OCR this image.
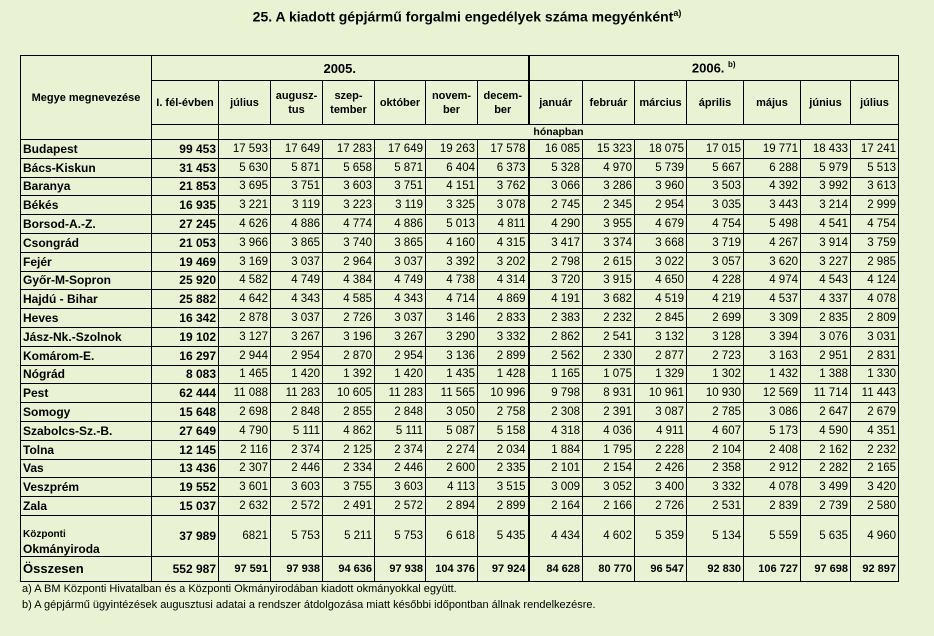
25. A kiadott gépjármű forgalmi engedélyek száma megyénként$^{a)}$
Megye megnevezése	2005.							2006. $^{b)}$
	I. fél-évben	július	augusz-tus	szep-tember	október	novem-ber	decem-ber	január	február	március	április	május	június	július
		hónapban												
Budapest	99 453	17 593	17 649	17 283	17 649	19 263	17 578	16 085	15 323	18 075	17 015	19 771	18 433	17 241
Bács-Kiskun	31 453	5 630	5 871	5 658	5 871	6 404	6 373	5 328	4 970	5 739	5 667	6 288	5 979	5 513
Baranya	21 853	3 695	3 751	3 603	3 751	4 151	3 762	3 066	3 286	3 960	3 503	4 392	3 992	3 613
Békés	16 935	3 221	3 119	3 223	3 119	3 325	3 078	2 745	2 345	2 954	3 035	3 443	3 214	2 999
Borsod-A.-Z.	27 245	4 626	4 886	4 774	4 886	5 013	4 811	4 290	3 955	4 679	4 754	5 498	4 541	4 754
Csongrád	21 053	3 966	3 865	3 740	3 865	4 160	4 315	3 417	3 374	3 668	3 719	4 267	3 914	3 759
Fejér	19 469	3 169	3 037	2 964	3 037	3 392	3 202	2 798	2 615	3 022	3 057	3 620	3 227	2 985
Győr-M-Sopron	25 920	4 582	4 749	4 384	4 749	4 738	4 314	3 720	3 915	4 650	4 228	4 974	4 543	4 124
Hajdú - Bihar	25 882	4 642	4 343	4 585	4 343	4 714	4 869	4 191	3 682	4 519	4 219	4 537	4 337	4 078
Heves	16 342	2 878	3 037	2 726	3 037	3 146	2 833	2 383	2 232	2 845	2 699	3 309	2 835	2 809
Jász-Nk.-Szolnok	19 102	3 127	3 267	3 196	3 267	3 290	3 332	2 862	2 541	3 132	3 128	3 394	3 076	3 031
Komárom-E.	16 297	2 944	2 954	2 870	2 954	3 136	2 899	2 562	2 330	2 877	2 723	3 163	2 951	2 831
Nógrád	8 083	1 465	1 420	1 392	1 420	1 435	1 428	1 165	1 075	1 329	1 302	1 432	1 388	1 330
Pest	62 444	11 088	11 283	10 605	11 283	11 565	10 996	9 798	8 931	10 961	10 930	12 569	11 714	11 443
Somogy	15 648	2 698	2 848	2 855	2 848	3 050	2 758	2 308	2 391	3 087	2 785	3 086	2 647	2 679
Szabolcs-Sz.-B.	27 649	4 790	5 111	4 862	5 111	5 087	5 158	4 318	4 036	4 911	4 607	5 173	4 590	4 351
Tolna	12 145	2 116	2 374	2 125	2 374	2 274	2 034	1 884	1 795	2 228	2 104	2 408	2 162	2 232
Vas	13 436	2 307	2 446	2 334	2 446	2 600	2 335	2 101	2 154	2 426	2 358	2 912	2 282	2 165
Veszprém	19 552	3 601	3 603	3 755	3 603	4 113	3 515	3 009	3 052	3 400	3 332	4 078	3 499	3 420
Zala	15 037	2 632	2 572	2 491	2 572	2 894	2 899	2 164	2 166	2 726	2 531	2 839	2 739	2 580

Központi
Okmányiroda	37 989	6821	5 753	5 211	5 753	6 618	5 435	4 434	4 602	5 359	5 134	5 559	5 635	4 960
Összesen	552 987	97 591	97 938	94 636	97 938	104 376	97 924	84 628	80 770	96 547	92 830	106 727	97 698	92 897
a) A BM Központi Hivatalban és a Központi Okmányirodában kiadott okmányokkal együtt.
b) A gépjármű ügyintézések augusztusi adatai a rendszer átdolgozása miatt későbbi időpontban állnak rendelkezésre.
